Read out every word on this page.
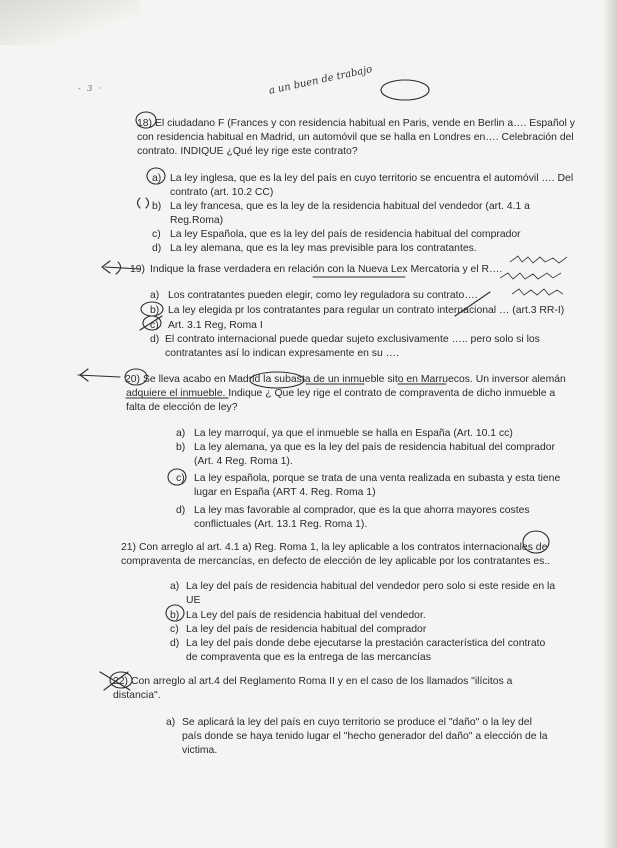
- 3 ·	a un buen de trabajo
18) El ciudadano F (Frances y con residencia habitual en Paris, vende en Berlin a…. Español y
con residencia habitual en Madrid, un automóvil que se halla en Londres en…. Celebración del
contrato. INDIQUE ¿Qué ley rige este contrato?
a) La ley inglesa, que es la ley del país en cuyo territorio se encuentra el automóvil …. Del
contrato (art. 10.2 CC)
b) La ley francesa, que es la ley de la residencia habitual del vendedor (art. 4.1 a
Reg.Roma)
c) La ley Española, que es la ley del país de residencia habitual del comprador
d) La ley alemana, que es la ley mas previsible para los contratantes.
19) Indique la frase verdadera en relación con la Nueva Lex Mercatoria y el R….
a) Los contratantes pueden elegir, como ley reguladora su contrato….
b) La ley elegida pr los contratantes para regular un contrato internacional … (art.3 RR-I)
c) Art. 3.1 Reg, Roma I
d) El contrato internacional puede quedar sujeto exclusivamente ….. pero solo si los
contratantes así lo indican expresamente en su ….
20) Se lleva acabo en Madrid la subasta de un inmueble sito en Marruecos. Un inversor alemán
adquiere el inmueble. Indique ¿ Que ley rige el contrato de compraventa de dicho inmueble a
falta de elección de ley?
a) La ley marroquí, ya que el inmueble se halla en España (Art. 10.1 cc)
b) La ley alemana, ya que es la ley del país de residencia habitual del comprador
(Art. 4 Reg. Roma 1).
c) La ley española, porque se trata de una venta realizada en subasta y esta tiene
lugar en España (ART 4. Reg. Roma 1)
d) La ley mas favorable al comprador, que es la que ahorra mayores costes
conflictuales (Art. 13.1 Reg. Roma 1).
21) Con arreglo al art. 4.1 a) Reg. Roma 1, la ley aplicable a los contratos internacionales de
compraventa de mercancías, en defecto de elección de ley aplicable por los contratantes es..
a) La ley del país de residencia habitual del vendedor pero solo si este reside en la
UE
b) La Ley del país de residencia habitual del vendedor.
c) La ley del país de residencia habitual del comprador
d) La ley del país donde debe ejecutarse la prestación característica del contrato
de compraventa que es la entrega de las mercancías
22) Con arreglo al art.4 del Reglamento Roma II y en el caso de los llamados "ilícitos a
distancia".
a) Se aplicará la ley del país en cuyo territorio se produce el "daño" o la ley del
país donde se haya tenido lugar el "hecho generador del daño" a elección de la
victima.
